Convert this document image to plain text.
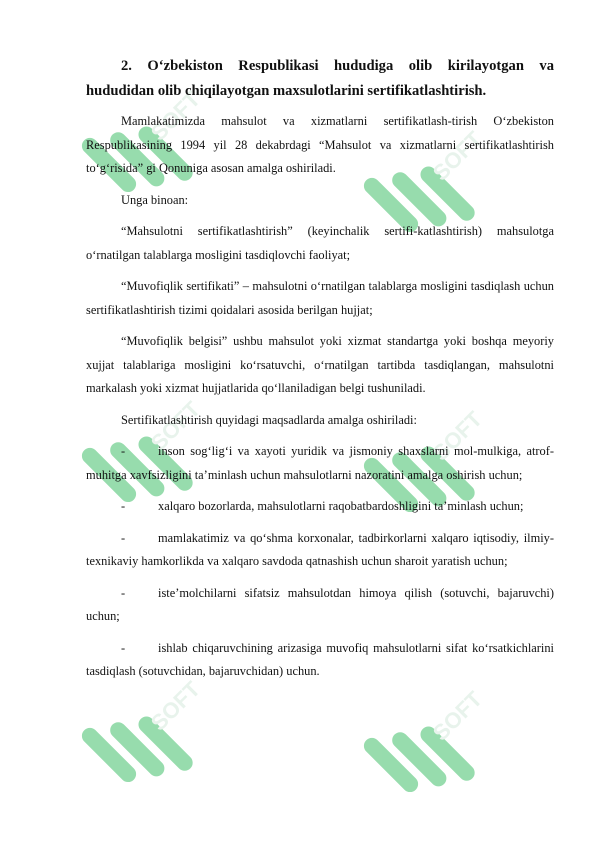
SOFT
SOFT
SOFT	SOFT
SOFT	SOFT
2. O‘zbekiston Respublikasi hududiga olib kirilayotgan va hududidan olib chiqilayotgan maxsulotlarini sertifikatlashtirish.

Mamlakatimizda mahsulot va xizmatlarni sertifikatlash-tirish O‘zbekiston Respublikasining 1994 yil 28 dekabrdagi “Mahsulot va xizmatlarni sertifikatlashtirish to‘g‘risida” gi Qonuniga asosan amalga oshiriladi.

Unga binoan:

“Mahsulotni sertifikatlashtirish” (keyinchalik sertifi-katlashtirish) mahsulotga o‘rnatilgan talablarga mosligini tasdiqlovchi faoliyat;

“Muvofiqlik sertifikati” – mahsulotni o‘rnatilgan talablarga mosligini tasdiqlash uchun sertifikatlashtirish tizimi qoidalari asosida berilgan hujjat;

“Muvofiqlik belgisi” ushbu mahsulot yoki xizmat standartga yoki boshqa meyoriy xujjat talablariga mosligini ko‘rsatuvchi, o‘rnatilgan tartibda tasdiqlangan, mahsulotni markalash yoki xizmat hujjatlarida qo‘llaniladigan belgi tushuniladi.

Sertifikatlashtirish quyidagi maqsadlarda amalga oshiriladi:

-	inson sog‘lig‘i va xayoti yuridik va jismoniy shaxslarni mol-mulkiga, atrof-muhitga xavfsizligini ta’minlash uchun mahsulotlarni nazoratini amalga oshirish uchun;

-	xalqaro bozorlarda, mahsulotlarni raqobatbardoshligini ta’minlash uchun;

-	mamlakatimiz va qo‘shma korxonalar, tadbirkorlarni xalqaro iqtisodiy, ilmiy-texnikaviy hamkorlikda va xalqaro savdoda qatnashish uchun sharoit yaratish uchun;

-	iste’molchilarni sifatsiz mahsulotdan himoya qilish (sotuvchi, bajaruvchi) uchun;

-	ishlab chiqaruvchining arizasiga muvofiq mahsulotlarni sifat ko‘rsatkichlarini tasdiqlash (sotuvchidan, bajaruvchidan) uchun.
